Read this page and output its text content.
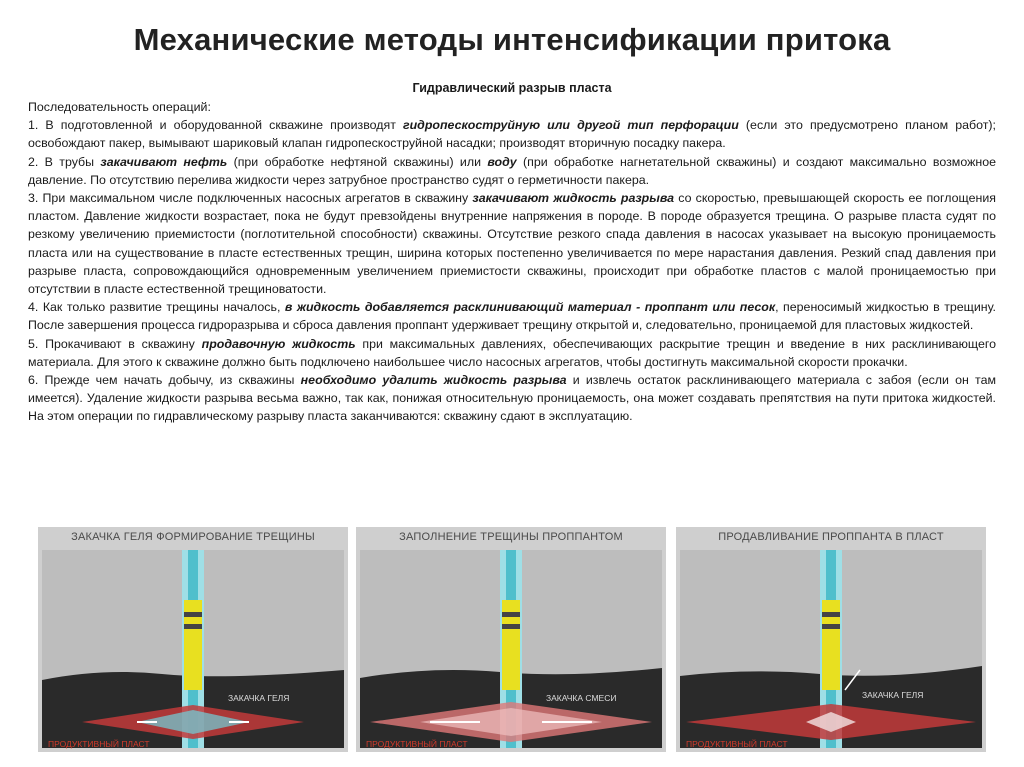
Механические методы интенсификации притока
Гидравлический разрыв пласта

Последовательность операций:

1. В подготовленной и оборудованной скважине производят гидропескоструйную или другой тип перфорации (если это предусмотрено планом работ); освобождают пакер, вымывают шариковый клапан гидропескоструйной насадки; производят вторичную посадку пакера.

2. В трубы закачивают нефть (при обработке нефтяной скважины) или воду (при обработке нагнетательной скважины) и создают максимально возможное давление. По отсутствию перелива жидкости через затрубное пространство судят о герметичности пакера.

3. При максимальном числе подключенных насосных агрегатов в скважину закачивают жидкость разрыва со скоростью, превышающей скорость ее поглощения пластом. Давление жидкости возрастает, пока не будут превзойдены внутренние напряжения в породе. В породе образуется трещина. О разрыве пласта судят по резкому увеличению приемистости (поглотительной способности) скважины. Отсутствие резкого спада давления в насосах указывает на высокую проницаемость пласта или на существование в пласте естественных трещин, ширина которых постепенно увеличивается по мере нарастания давления. Резкий спад давления при разрыве пласта, сопровождающийся одновременным увеличением приемистости скважины, происходит при обработке пластов с малой проницаемостью при отсутствии в пласте естественной трещиноватости.

4. Как только развитие трещины началось, в жидкость добавляется расклинивающий материал - проппант или песок, переносимый жидкостью в трещину. После завершения процесса гидроразрыва и сброса давления проппант удерживает трещину открытой и, следовательно, проницаемой для пластовых жидкостей.

5. Прокачивают в скважину продавочную жидкость при максимальных давлениях, обеспечивающих раскрытие трещин и введение в них расклинивающего материала. Для этого к скважине должно быть подключено наибольшее число насосных агрегатов, чтобы достигнуть максимальной скорости прокачки.

6. Прежде чем начать добычу, из скважины необходимо удалить жидкость разрыва и извлечь остаток расклинивающего материала с забоя (если он там имеется). Удаление жидкости разрыва весьма важно, так как, понижая относительную проницаемость, она может создавать препятствия на пути притока жидкостей. На этом операции по гидравлическому разрыву пласта заканчиваются: скважину сдают в эксплуатацию.

ЗАКАЧКА ГЕЛЯ ФОРМИРОВАНИЕ ТРЕЩИНЫ
ЗАКАЧКА ГЕЛЯ
ПРОДУКТИВНЫЙ ПЛАСТ
ЗАПОЛНЕНИЕ ТРЕЩИНЫ ПРОППАНТОМ
ЗАКАЧКА СМЕСИ
ПРОДУКТИВНЫЙ ПЛАСТ
ПРОДАВЛИВАНИЕ ПРОППАНТА В ПЛАСТ
ЗАКАЧКА ГЕЛЯ
ПРОДУКТИВНЫЙ ПЛАСТ
